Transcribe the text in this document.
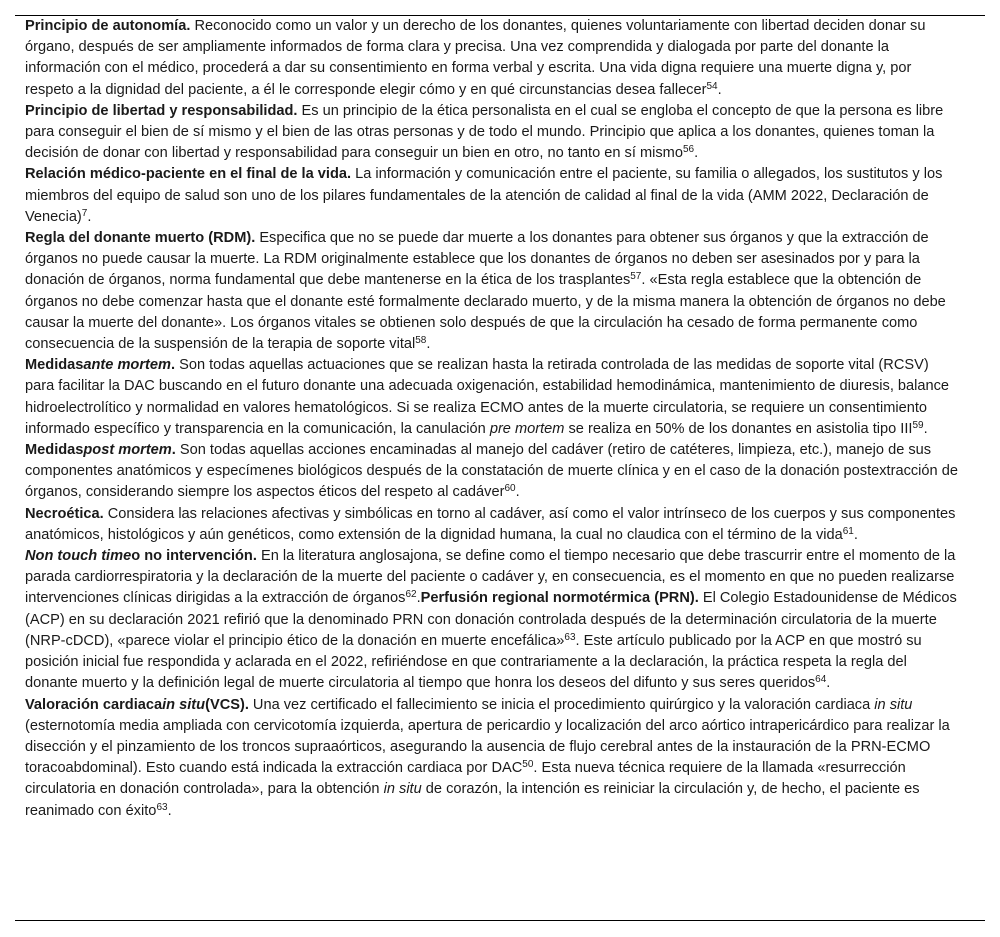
Principio de autonomía. Reconocido como un valor y un derecho de los donantes, quienes voluntariamente con libertad deciden donar su órgano, después de ser ampliamente informados de forma clara y precisa. Una vez comprendida y dialogada por parte del donante la información con el médico, procederá a dar su consentimiento en forma verbal y escrita. Una vida digna requiere una muerte digna y, por respeto a la dignidad del paciente, a él le corresponde elegir cómo y en qué circunstancias desea fallecer$^{54}$.

Principio de libertad y responsabilidad. Es un principio de la ética personalista en el cual se engloba el concepto de que la persona es libre para conseguir el bien de sí mismo y el bien de las otras personas y de todo el mundo. Principio que aplica a los donantes, quienes toman la decisión de donar con libertad y responsabilidad para conseguir un bien en otro, no tanto en sí mismo$^{56}$.

Relación médico-paciente en el final de la vida. La información y comunicación entre el paciente, su familia o allegados, los sustitutos y los miembros del equipo de salud son uno de los pilares fundamentales de la atención de calidad al final de la vida (AMM 2022, Declaración de Venecia)$^7$.

Regla del donante muerto (RDM). Especifica que no se puede dar muerte a los donantes para obtener sus órganos y que la extracción de órganos no puede causar la muerte. La RDM originalmente establece que los donantes de órganos no deben ser asesinados por y para la donación de órganos, norma fundamental que debe mantenerse en la ética de los trasplantes$^{57}$. «Esta regla establece que la obtención de órganos no debe comenzar hasta que el donante esté formalmente declarado muerto, y de la misma manera la obtención de órganos no debe causar la muerte del donante». Los órganos vitales se obtienen solo después de que la circulación ha cesado de forma permanente como consecuencia de la suspensión de la terapia de soporte vital$^{58}$.

Medidasante mortem. Son todas aquellas actuaciones que se realizan hasta la retirada controlada de las medidas de soporte vital (RCSV) para facilitar la DAC buscando en el futuro donante una adecuada oxigenación, estabilidad hemodinámica, mantenimiento de diuresis, balance hidroelectrolítico y normalidad en valores hematológicos. Si se realiza ECMO antes de la muerte circulatoria, se requiere un consentimiento informado específico y transparencia en la comunicación, la canulación pre mortem se realiza en 50% de los donantes en asistolia tipo III$^{59}$.

Medidaspost mortem. Son todas aquellas acciones encaminadas al manejo del cadáver (retiro de catéteres, limpieza, etc.), manejo de sus componentes anatómicos y especímenes biológicos después de la constatación de muerte clínica y en el caso de la donación postextracción de órganos, considerando siempre los aspectos éticos del respeto al cadáver$^{60}$.

Necroética. Considera las relaciones afectivas y simbólicas en torno al cadáver, así como el valor intrínseco de los cuerpos y sus componentes anatómicos, histológicos y aún genéticos, como extensión de la dignidad humana, la cual no claudica con el término de la vida$^{61}$.

Non touch timeo no intervención. En la literatura anglosajona, se define como el tiempo necesario que debe trascurrir entre el momento de la parada cardiorrespiratoria y la declaración de la muerte del paciente o cadáver y, en consecuencia, es el momento en que no pueden realizarse intervenciones clínicas dirigidas a la extracción de órganos$^{62}$.Perfusión regional normotérmica (PRN). El Colegio Estadounidense de Médicos (ACP) en su declaración 2021 refirió que la denominado PRN con donación controlada después de la determinación circulatoria de la muerte (NRP-cDCD), «parece violar el principio ético de la donación en muerte encefálica»$^{63}$. Este artículo publicado por la ACP en que mostró su posición inicial fue respondida y aclarada en el 2022, refiriéndose en que contrariamente a la declaración, la práctica respeta la regla del donante muerto y la definición legal de muerte circulatoria al tiempo que honra los deseos del difunto y sus seres queridos$^{64}$.

Valoración cardiacain situ(VCS). Una vez certificado el fallecimiento se inicia el procedimiento quirúrgico y la valoración cardiaca in situ (esternotomía media ampliada con cervicotomía izquierda, apertura de pericardio y localización del arco aórtico intrapericárdico para realizar la disección y el pinzamiento de los troncos supraaórticos, asegurando la ausencia de flujo cerebral antes de la instauración de la PRN-ECMO toracoabdominal). Esto cuando está indicada la extracción cardiaca por DAC$^{50}$. Esta nueva técnica requiere de la llamada «resurrección circulatoria en donación controlada», para la obtención in situ de corazón, la intención es reiniciar la circulación y, de hecho, el paciente es reanimado con éxito$^{63}$.
